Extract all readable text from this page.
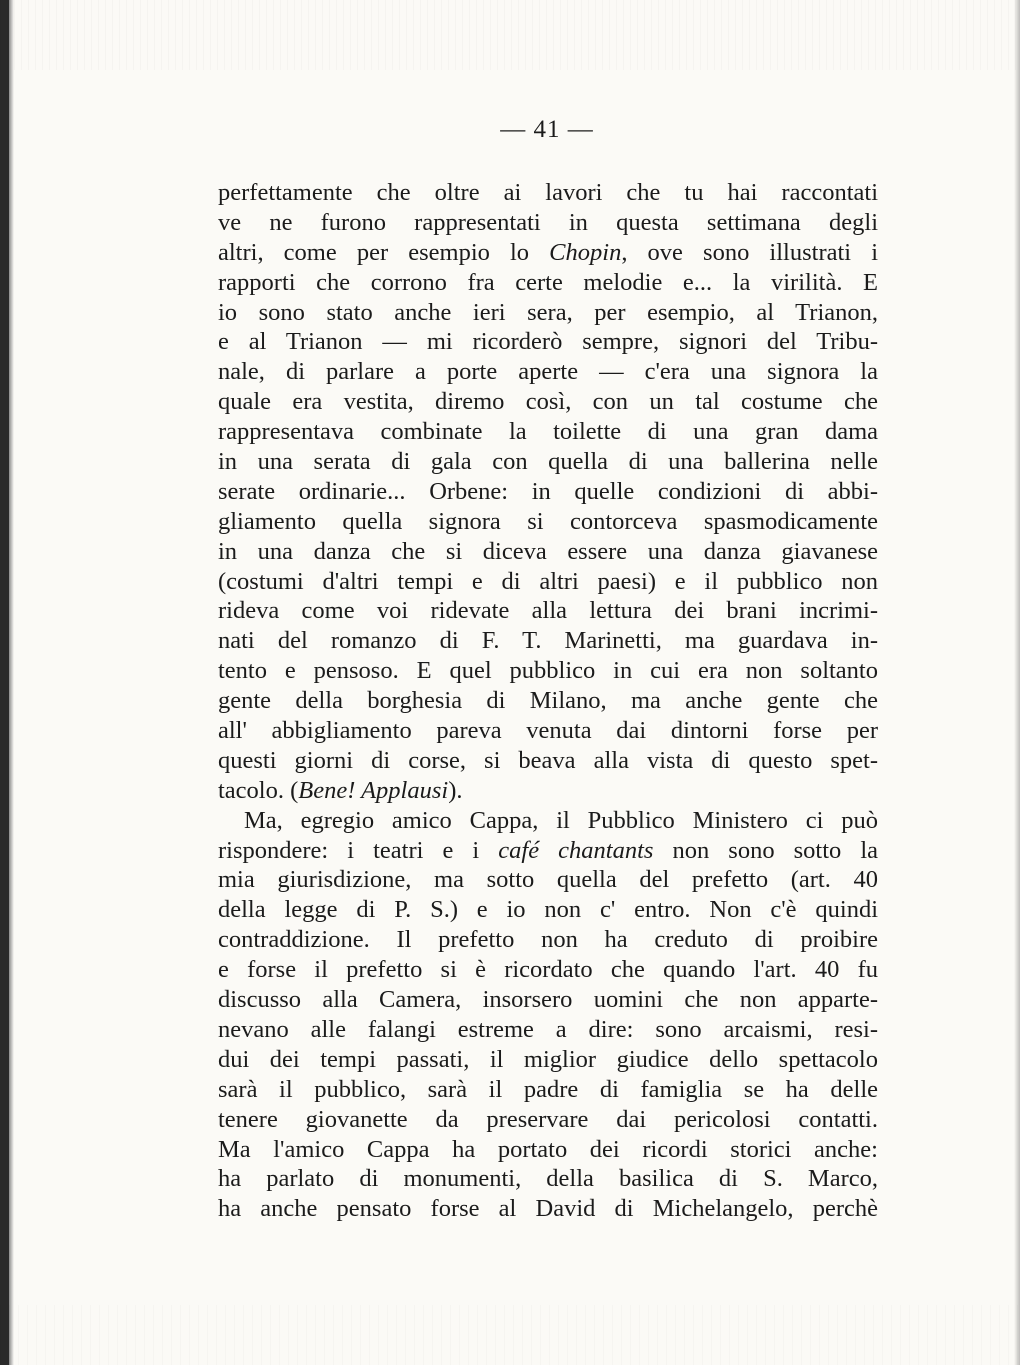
— 41 —
perfettamente che oltre ai lavori che tu hai raccontati
ve ne furono rappresentati in questa settimana degli
altri, come per esempio lo Chopin, ove sono illustrati i
rapporti che corrono fra certe melodie e... la virilità. E
io sono stato anche ieri sera, per esempio, al Trianon,
e al Trianon — mi ricorderò sempre, signori del Tribu-
nale, di parlare a porte aperte — c'era una signora la
quale era vestita, diremo così, con un tal costume che
rappresentava combinate la toilette di una gran dama
in una serata di gala con quella di una ballerina nelle
serate ordinarie... Orbene: in quelle condizioni di abbi-
gliamento quella signora si contorceva spasmodicamente
in una danza che si diceva essere una danza giavanese
(costumi d'altri tempi e di altri paesi) e il pubblico non
rideva come voi ridevate alla lettura dei brani incrimi-
nati del romanzo di F. T. Marinetti, ma guardava in-
tento e pensoso. E quel pubblico in cui era non soltanto
gente della borghesia di Milano, ma anche gente che
all' abbigliamento pareva venuta dai dintorni forse per
questi giorni di corse, si beava alla vista di questo spet-
tacolo. (Bene! Applausi).
Ma, egregio amico Cappa, il Pubblico Ministero ci può
rispondere: i teatri e i café chantants non sono sotto la
mia giurisdizione, ma sotto quella del prefetto (art. 40
della legge di P. S.) e io non c' entro. Non c'è quindi
contraddizione. Il prefetto non ha creduto di proibire
e forse il prefetto si è ricordato che quando l'art. 40 fu
discusso alla Camera, insorsero uomini che non apparte-
nevano alle falangi estreme a dire: sono arcaismi, resi-
dui dei tempi passati, il miglior giudice dello spettacolo
sarà il pubblico, sarà il padre di famiglia se ha delle
tenere giovanette da preservare dai pericolosi contatti.
Ma l'amico Cappa ha portato dei ricordi storici anche:
ha parlato di monumenti, della basilica di S. Marco,
ha anche pensato forse al David di Michelangelo, perchè
